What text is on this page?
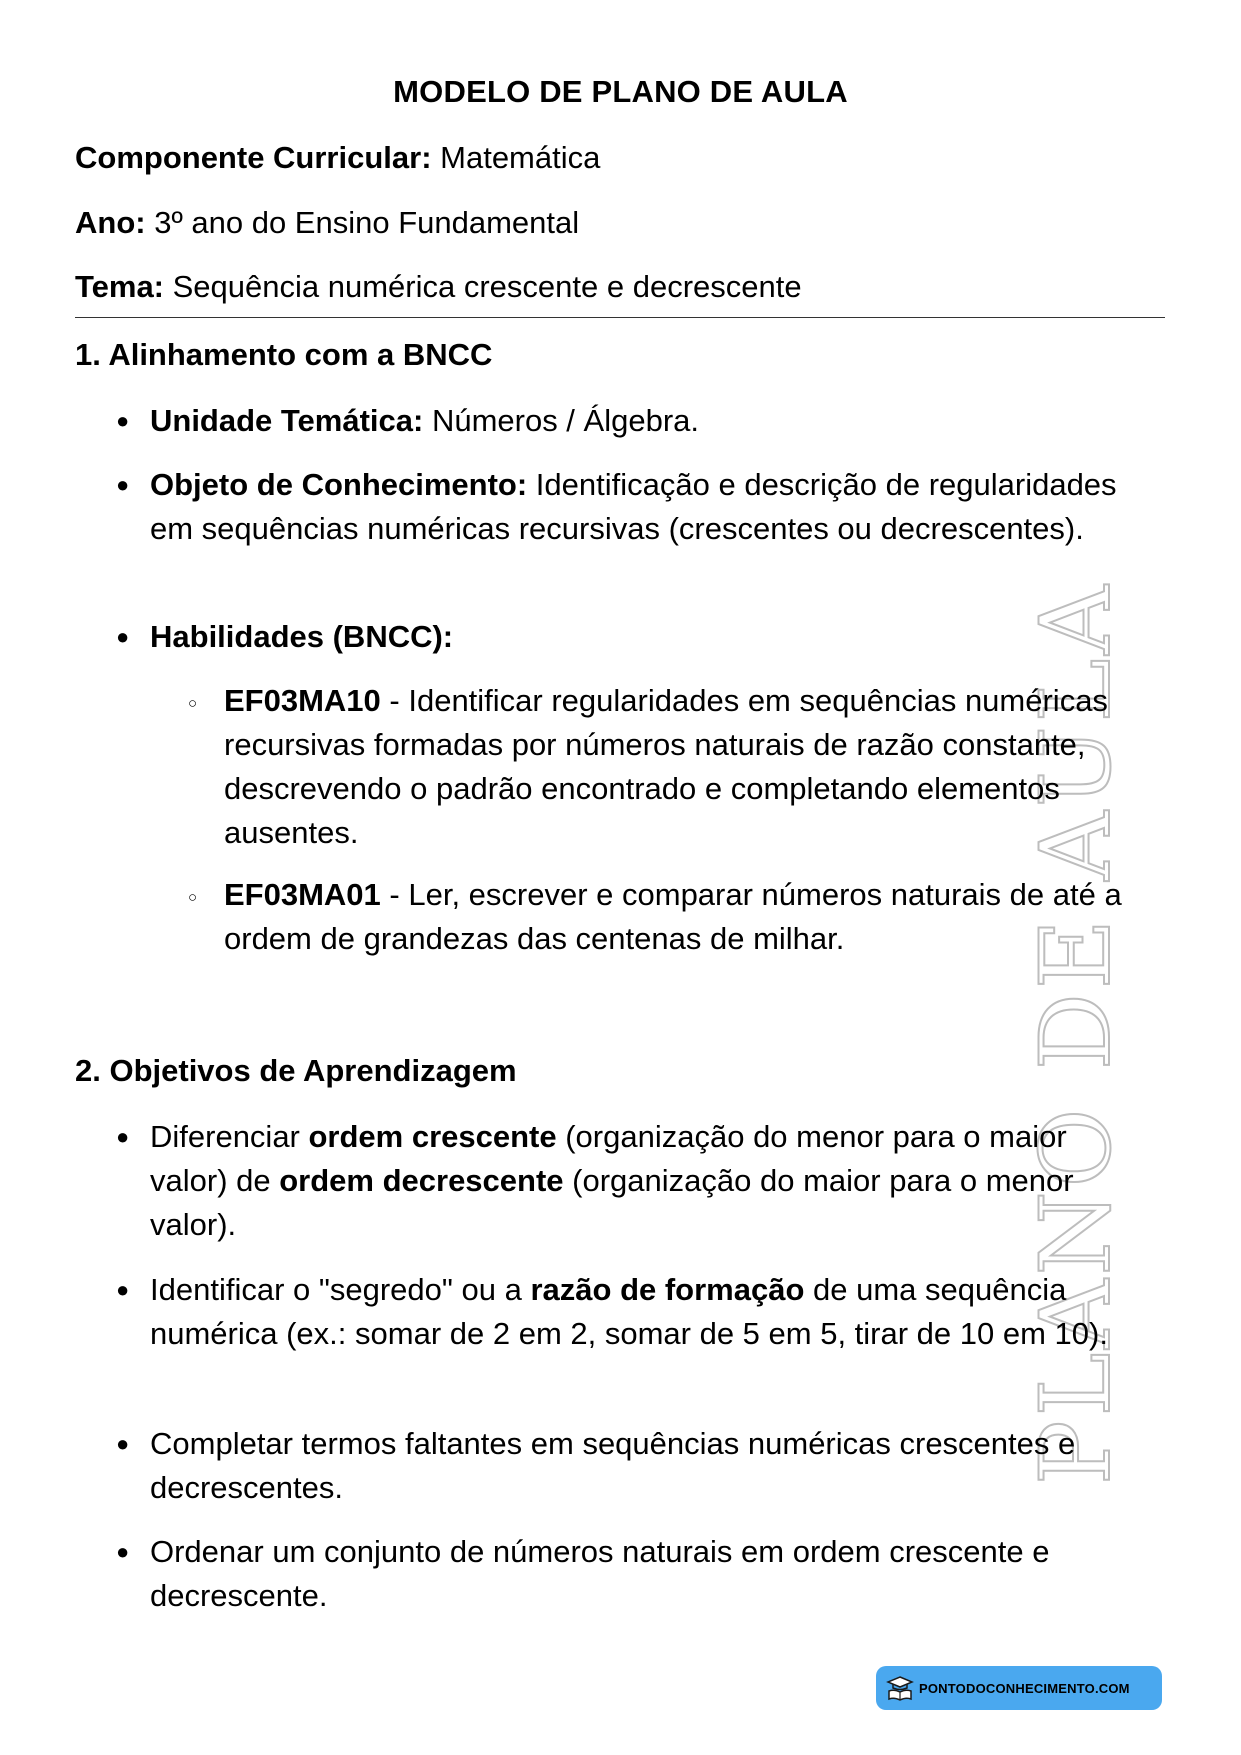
PLANO DE AULA
MODELO DE PLANO DE AULA
Componente Curricular: Matemática
Ano: 3º ano do Ensino Fundamental
Tema: Sequência numérica crescente e decrescente
1. Alinhamento com a BNCC
● Unidade Temática: Números / Álgebra.
● Objeto de Conhecimento: Identificação e descrição de regularidades em sequências numéricas recursivas (crescentes ou decrescentes).
● Habilidades (BNCC):
○ EF03MA10 - Identificar regularidades em sequências numéricas recursivas formadas por números naturais de razão constante, descrevendo o padrão encontrado e completando elementos ausentes.
○ EF03MA01 - Ler, escrever e comparar números naturais de até a ordem de grandezas das centenas de milhar.
2. Objetivos de Aprendizagem
● Diferenciar ordem crescente (organização do menor para o maior valor) de ordem decrescente (organização do maior para o menor valor).
● Identificar o "segredo" ou a razão de formação de uma sequência numérica (ex.: somar de 2 em 2, somar de 5 em 5, tirar de 10 em 10).
● Completar termos faltantes em sequências numéricas crescentes e decrescentes.
● Ordenar um conjunto de números naturais em ordem crescente e decrescente.
PONTODOCONHECIMENTO.COM
